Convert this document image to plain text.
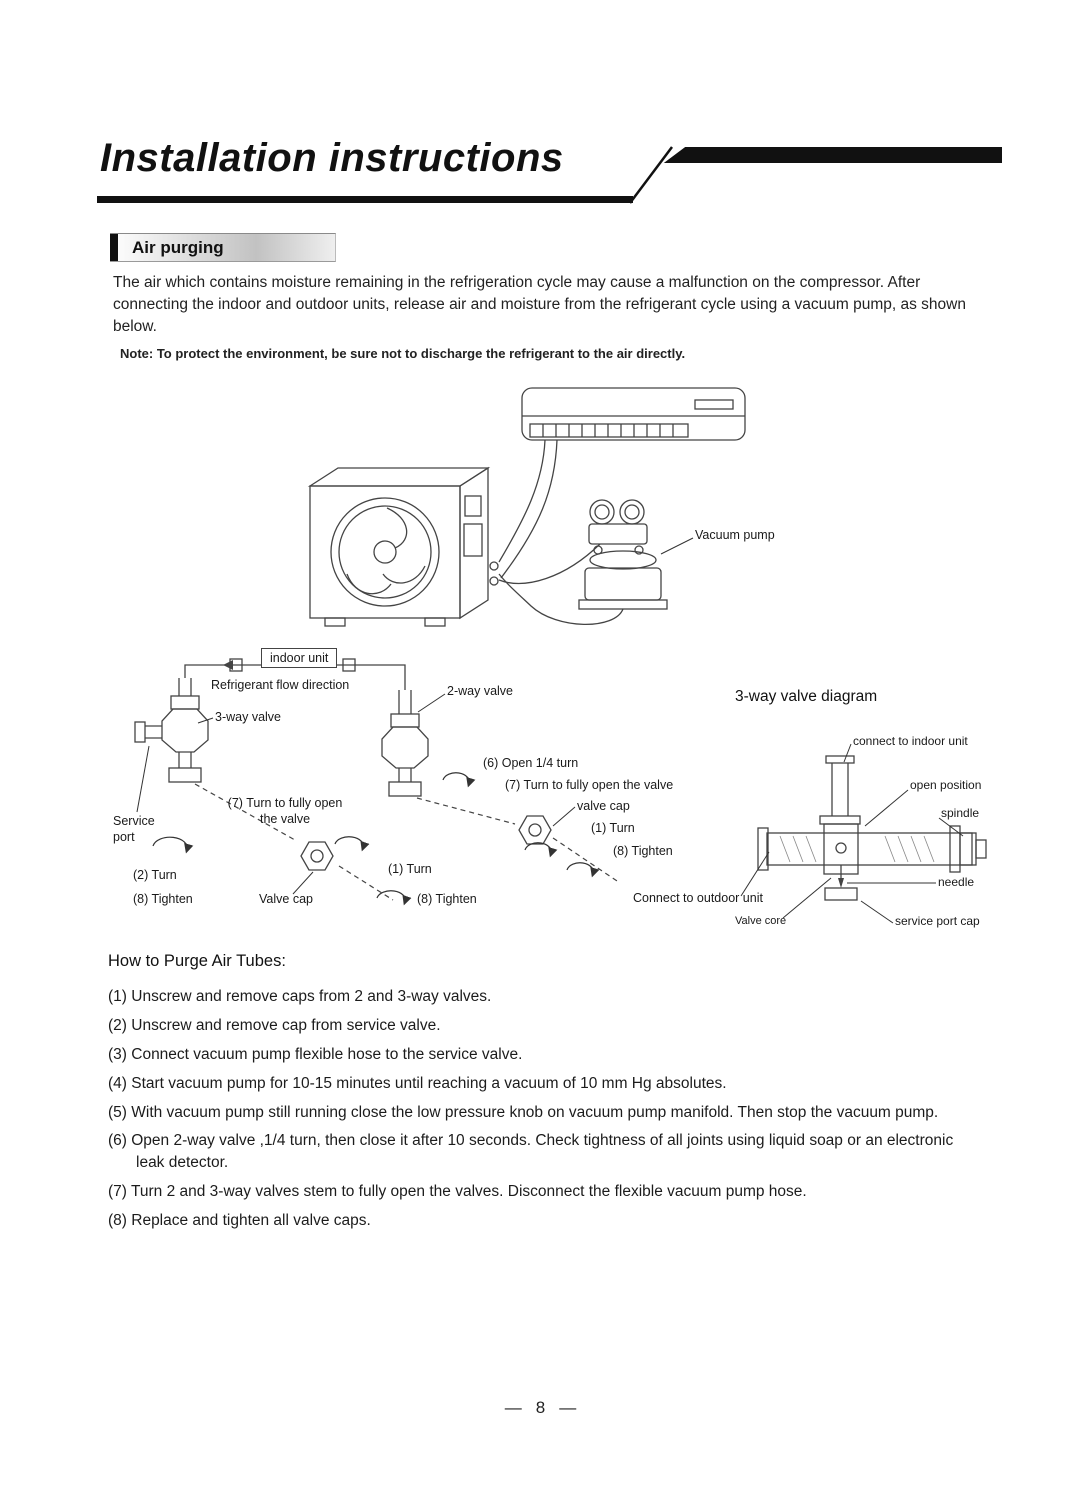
Installation instructions
Air purging

The air which contains moisture remaining in the refrigeration cycle may cause a malfunction on the compressor. After connecting the indoor and outdoor units, release air and moisture from the refrigerant cycle using a vacuum pump, as shown below.

Note: To protect the environment, be sure not to discharge the refrigerant to the air directly.

Vacuum pump
indoor unit
Refrigerant flow direction
3-way valve
2-way valve	3-way valve diagram
connect to indoor unit
open position
spindle
(6) Open 1/4 turn
(7) Turn to fully open the valve
valve cap
(1) Turn
(8) Tighten
(7) Turn to fully open the valve
Service port
(2) Turn
(8) Tighten	Valve cap
(1) Turn
(8) Tighten	Connect to outdoor unit
Valve core
needle
service port cap
How to Purge Air Tubes:
(1) Unscrew and remove caps from 2 and 3-way valves.
(2) Unscrew and remove cap from service valve.
(3) Connect vacuum pump flexible hose to the service valve.
(4) Start vacuum pump for 10-15 minutes until reaching a vacuum of 10 mm Hg absolutes.
(5) With vacuum pump still running close the low pressure knob on vacuum pump manifold. Then stop the vacuum pump.
(6) Open 2-way valve ,1/4 turn, then close it after 10 seconds. Check tightness of all joints using liquid soap or an electronic leak detector.
(7) Turn 2 and 3-way valves stem to fully open the valves. Disconnect the flexible vacuum pump hose.
(8) Replace and tighten all valve caps.
— 8 —
